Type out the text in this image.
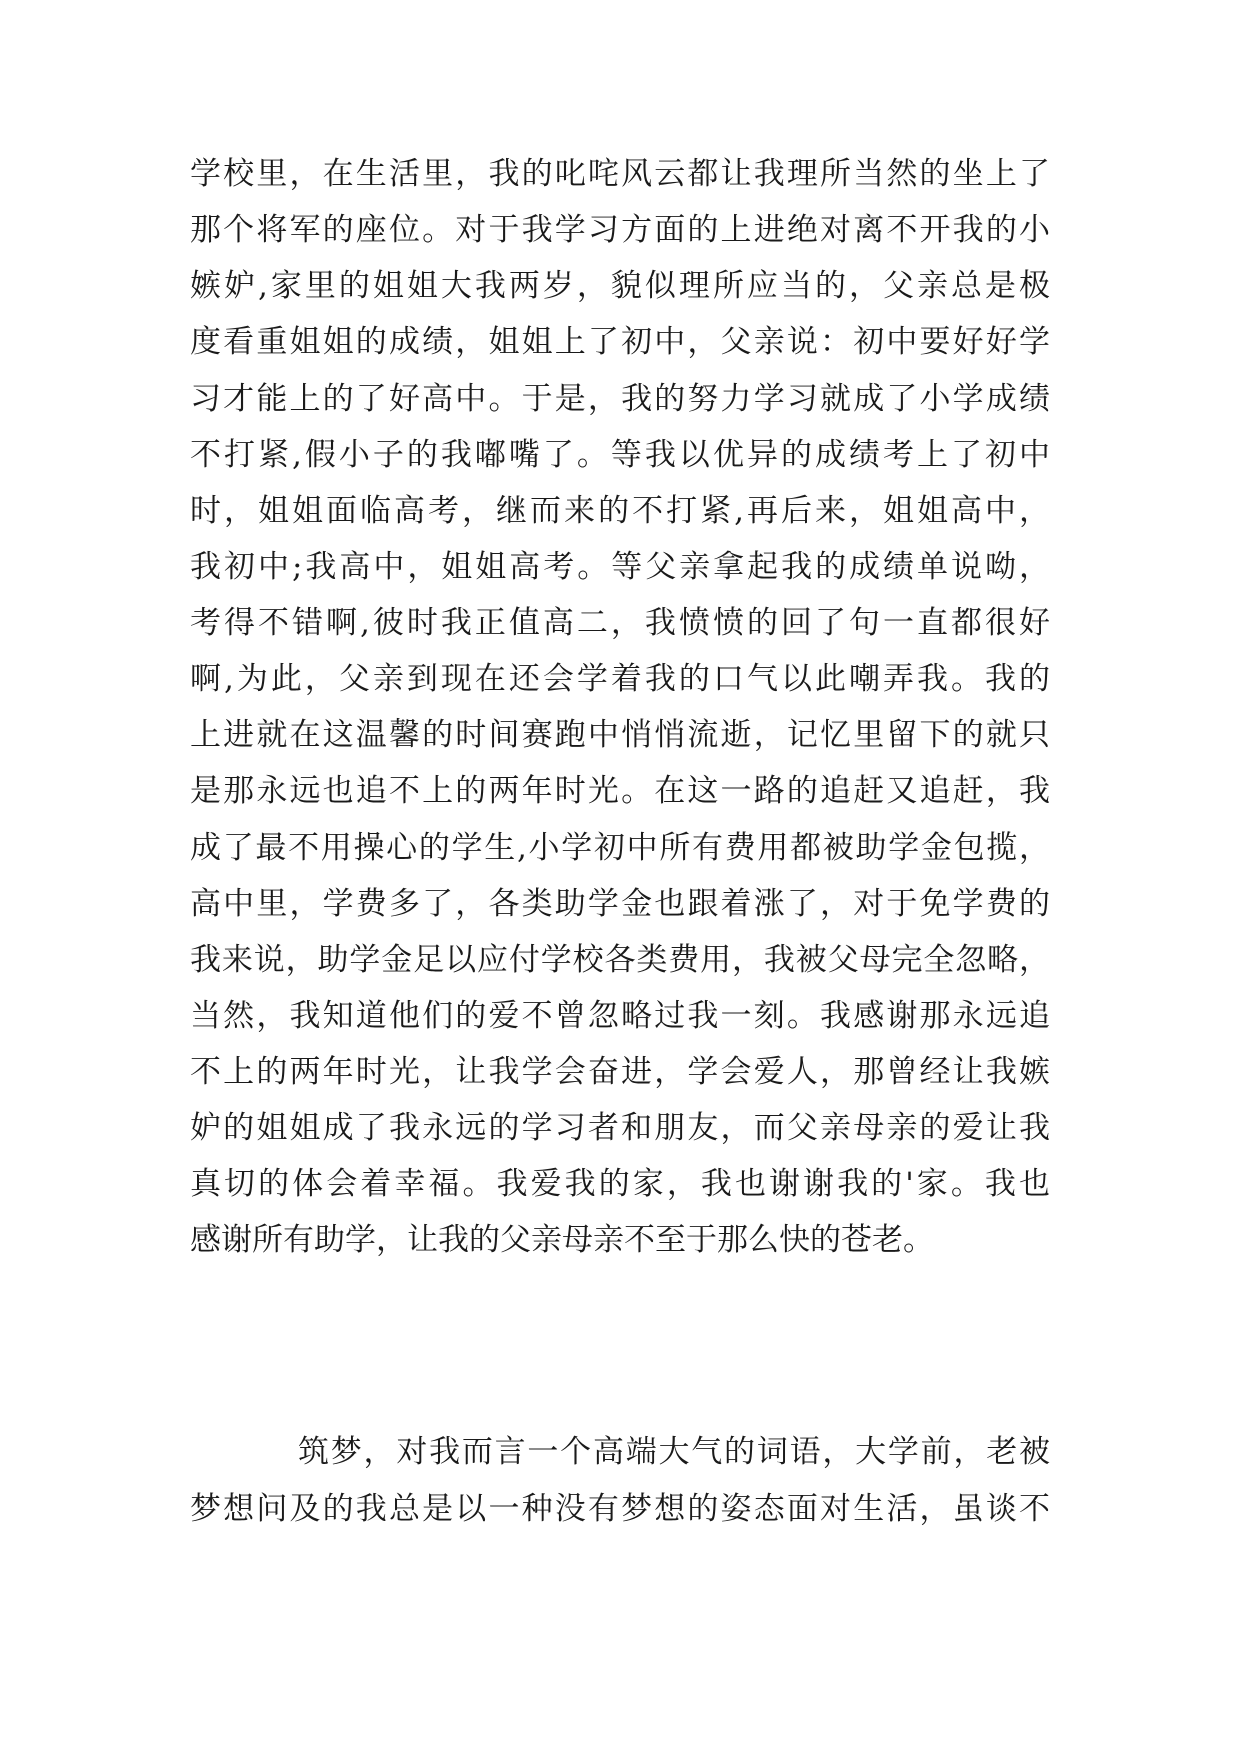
学校里，在生活里，我的叱咤风云都让我理所当然的坐上了
那个将军的座位。对于我学习方面的上进绝对离不开我的小
嫉妒,家里的姐姐大我两岁，貌似理所应当的，父亲总是极
度看重姐姐的成绩，姐姐上了初中，父亲说：初中要好好学
习才能上的了好高中。于是，我的努力学习就成了小学成绩
不打紧,假小子的我嘟嘴了。等我以优异的成绩考上了初中
时，姐姐面临高考，继而来的不打紧,再后来，姐姐高中，
我初中;我高中，姐姐高考。等父亲拿起我的成绩单说呦，
考得不错啊,彼时我正值高二，我愤愤的回了句一直都很好
啊,为此，父亲到现在还会学着我的口气以此嘲弄我。我的
上进就在这温馨的时间赛跑中悄悄流逝，记忆里留下的就只
是那永远也追不上的两年时光。在这一路的追赶又追赶，我
成了最不用操心的学生,小学初中所有费用都被助学金包揽，
高中里，学费多了，各类助学金也跟着涨了，对于免学费的
我来说，助学金足以应付学校各类费用，我被父母完全忽略，
当然，我知道他们的爱不曾忽略过我一刻。我感谢那永远追
不上的两年时光，让我学会奋进，学会爱人，那曾经让我嫉
妒的姐姐成了我永远的学习者和朋友，而父亲母亲的爱让我
真切的体会着幸福。我爱我的家，我也谢谢我的'家。我也
感谢所有助学，让我的父亲母亲不至于那么快的苍老。
筑梦，对我而言一个高端大气的词语，大学前，老被
梦想问及的我总是以一种没有梦想的姿态面对生活，虽谈不
